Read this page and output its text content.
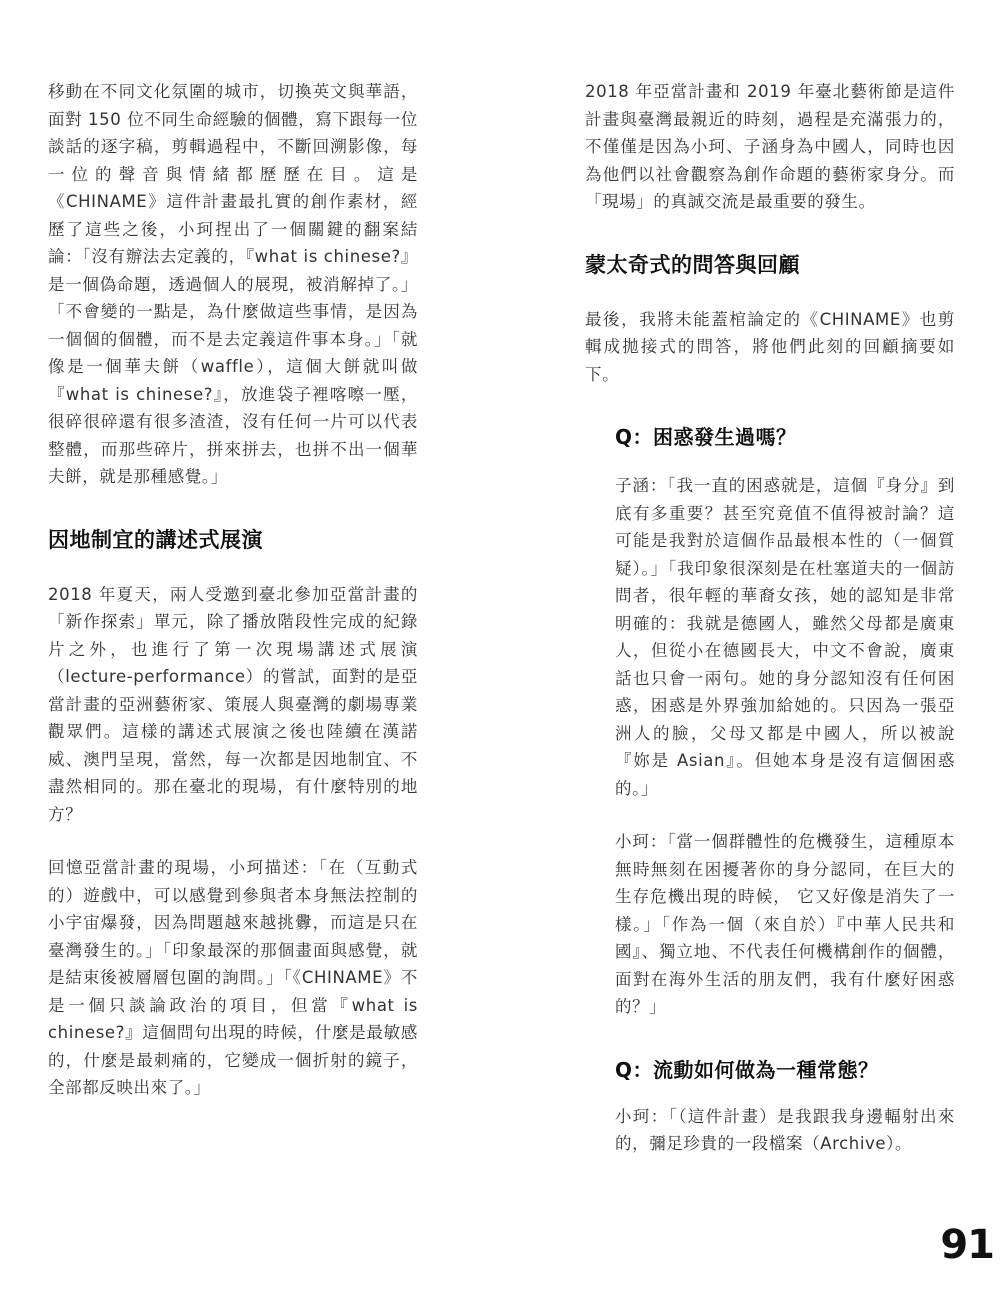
移動在不同文化氛圍的城市，切換英文與華語，面對 150 位不同生命經驗的個體，寫下跟每一位談話的逐字稿，剪輯過程中，不斷回溯影像，每一位的聲音與情緒都歷歷在目。這是《CHINAME》這件計畫最扎實的創作素材，經歷了這些之後，小珂捏出了一個關鍵的翻案結論：「沒有辦法去定義的，『what is chinese?』 是一個偽命題，透過個人的展現，被消解掉了。」「不會變的一點是，為什麼做這些事情，是因為一個個的個體，而不是去定義這件事本身。」「就像是一個華夫餅（waffle），這個大餅就叫做『what is chinese?』，放進袋子裡喀嚓一壓，很碎很碎還有很多渣渣，沒有任何一片可以代表整體，而那些碎片，拼來拼去，也拼不出一個華夫餅，就是那種感覺。」

因地制宜的講述式展演

2018 年夏天，兩人受邀到臺北參加亞當計畫的「新作探索」單元，除了播放階段性完成的紀錄片之外，也進行了第一次現場講述式展演（lecture-performance）的嘗試，面對的是亞當計畫的亞洲藝術家、策展人與臺灣的劇場專業觀眾們。這樣的講述式展演之後也陸續在漢諾威、澳門呈現，當然，每一次都是因地制宜、不盡然相同的。那在臺北的現場，有什麼特別的地方？

回憶亞當計畫的現場，小珂描述：「在（互動式的）遊戲中，可以感覺到參與者本身無法控制的小宇宙爆發，因為問題越來越挑釁，而這是只在臺灣發生的。」「印象最深的那個畫面與感覺，就是結束後被層層包圍的詢問。」「《CHINAME》不是一個只談論政治的項目，但當『what is chinese?』這個問句出現的時候，什麼是最敏感的，什麼是最刺痛的，它變成一個折射的鏡子，全部都反映出來了。」

2018 年亞當計畫和 2019 年臺北藝術節是這件計畫與臺灣最親近的時刻，過程是充滿張力的，不僅僅是因為小珂、子涵身為中國人，同時也因為他們以社會觀察為創作命題的藝術家身分。而「現場」的真誠交流是最重要的發生。

蒙太奇式的問答與回顧

最後，我將未能蓋棺論定的《CHINAME》也剪輯成拋接式的問答，將他們此刻的回顧摘要如下。

Q：困惑發生過嗎？

子涵：「我一直的困惑就是，這個『身分』到底有多重要？甚至究竟值不值得被討論？這可能是我對於這個作品最根本性的（一個質疑）。」「我印象很深刻是在杜塞道夫的一個訪問者，很年輕的華裔女孩，她的認知是非常明確的：我就是德國人，雖然父母都是廣東人，但從小在德國長大，中文不會說，廣東話也只會一兩句。她的身分認知沒有任何困惑，困惑是外界強加給她的。只因為一張亞洲人的臉，父母又都是中國人，所以被說『妳是 Asian』。但她本身是沒有這個困惑的。」

小珂：「當一個群體性的危機發生，這種原本無時無刻在困擾著你的身分認同，在巨大的生存危機出現的時候， 它又好像是消失了一樣。」「作為一個（來自於）『中華人民共和國』、獨立地、不代表任何機構創作的個體，面對在海外生活的朋友們，我有什麼好困惑的？」

Q：流動如何做為一種常態？

小珂：「（這件計畫）是我跟我身邊輻射出來的，彌足珍貴的一段檔案（Archive）。

91
